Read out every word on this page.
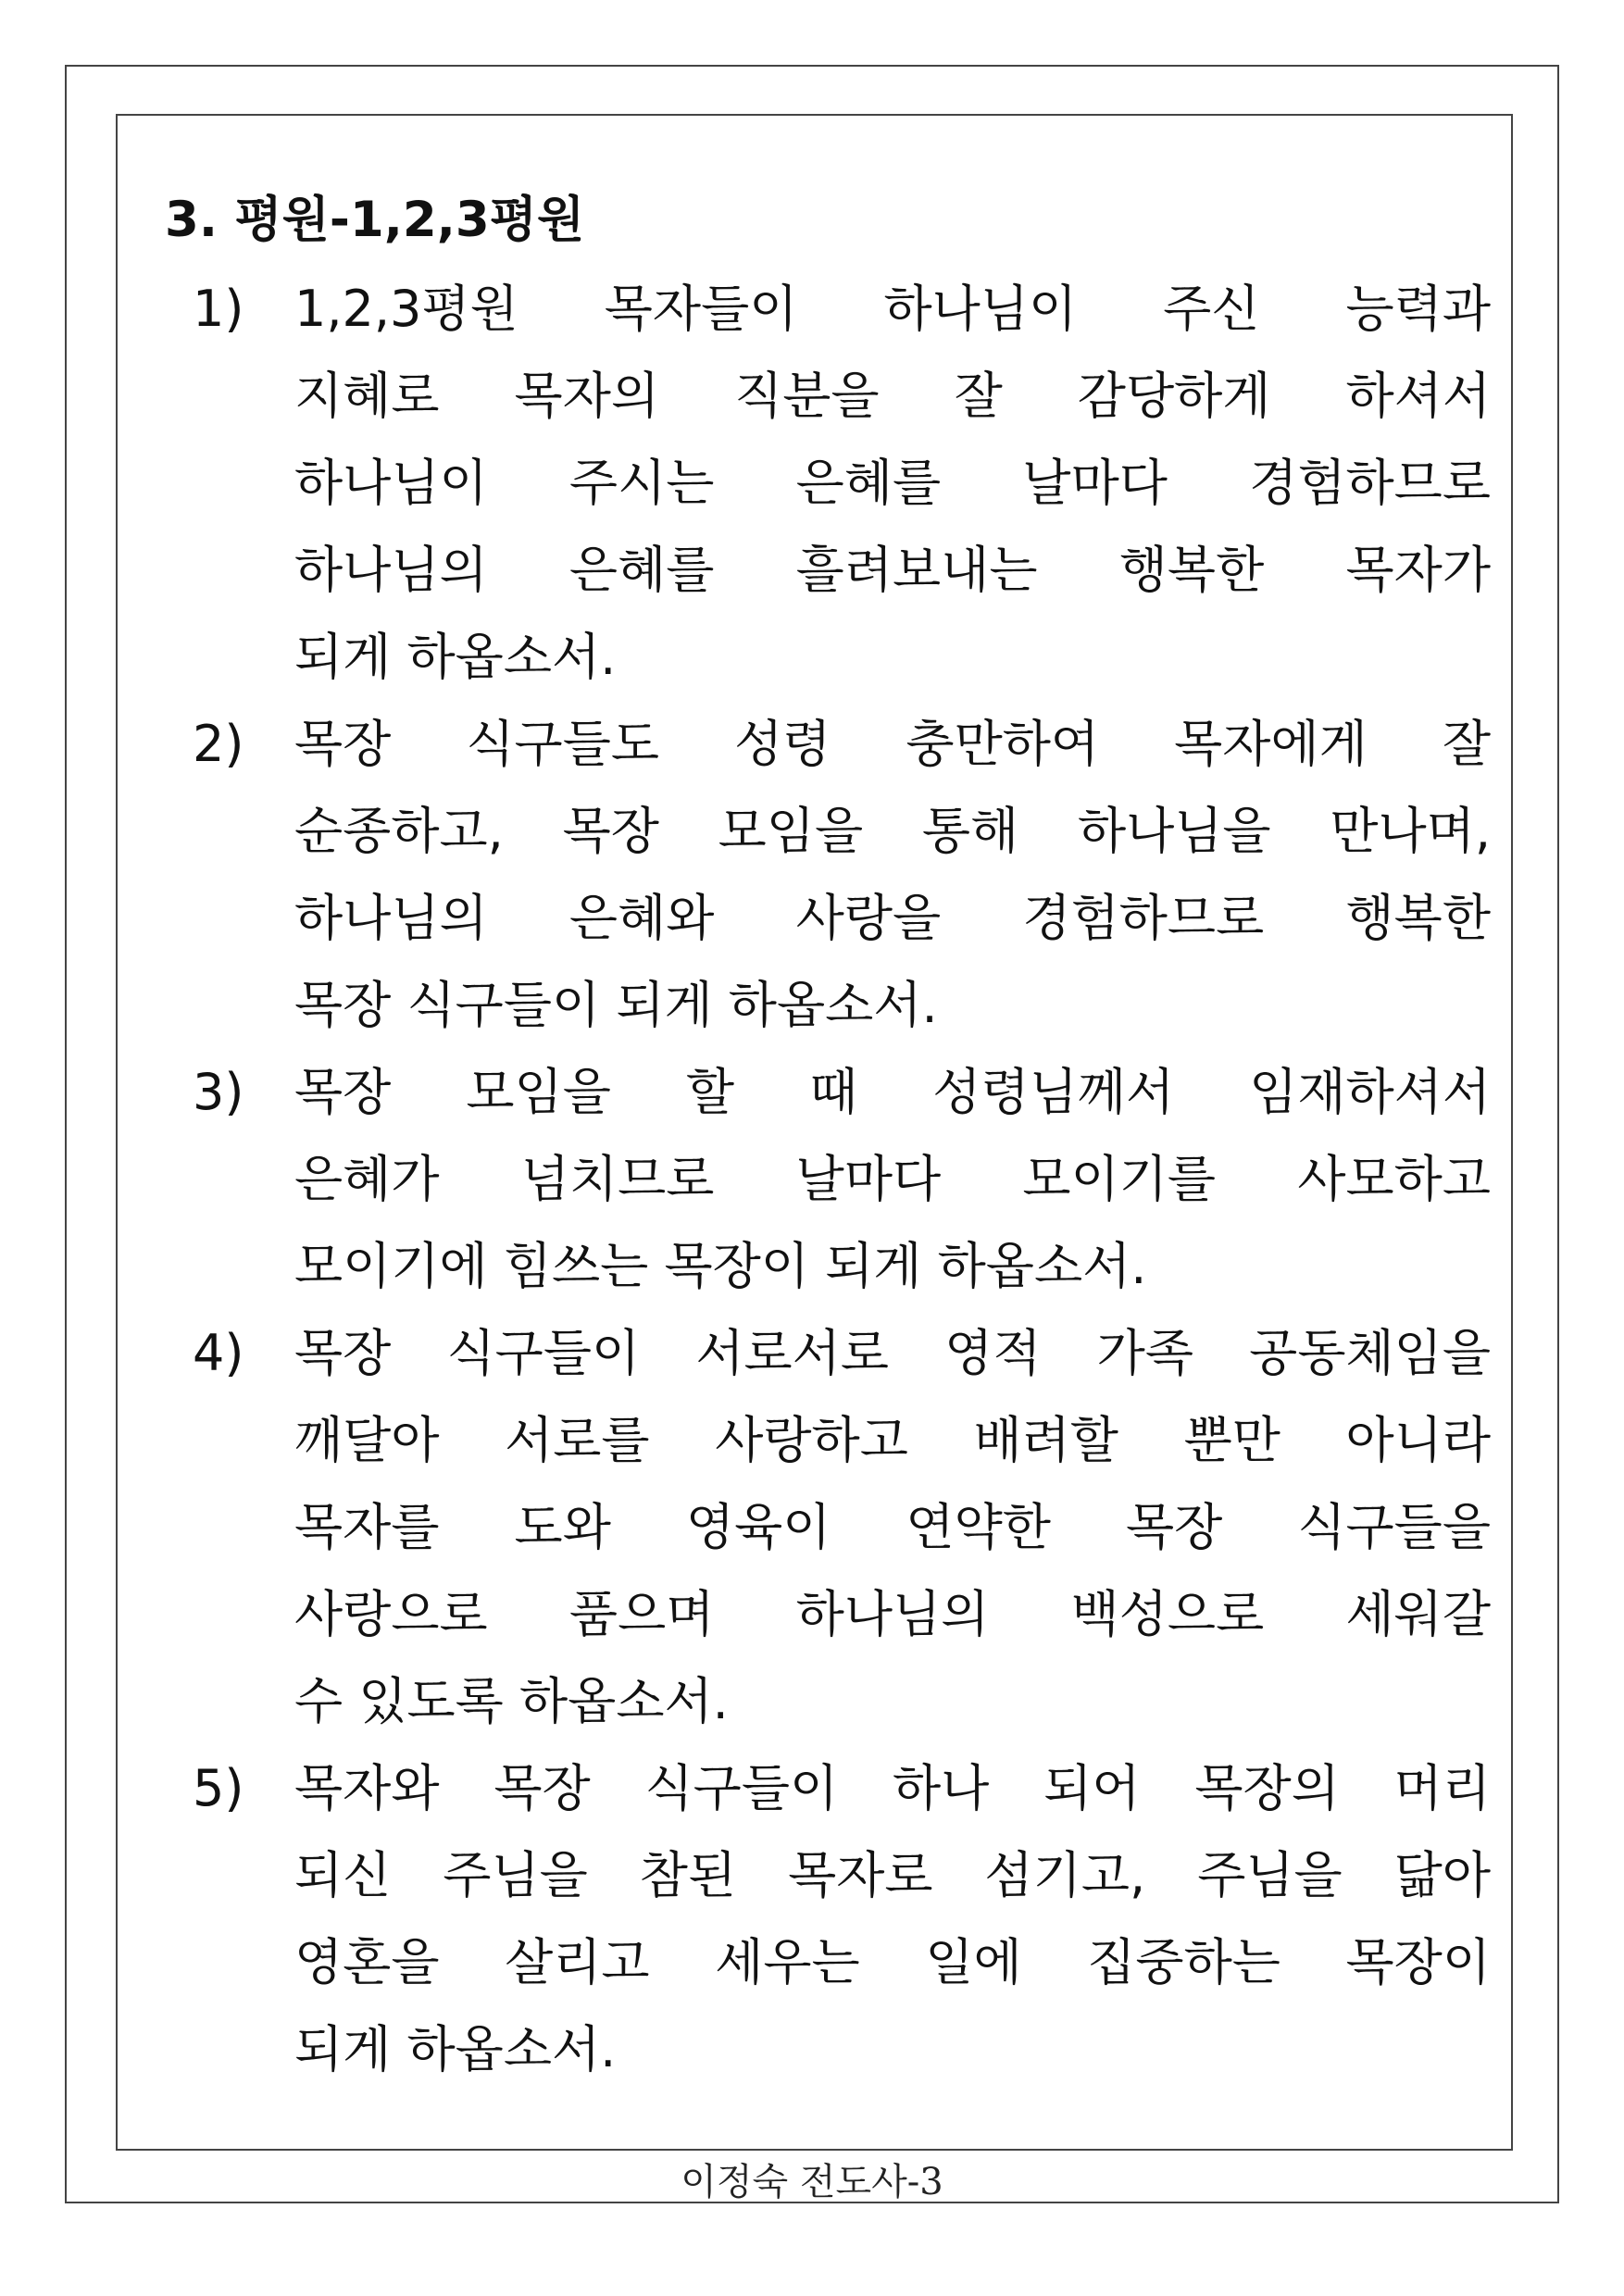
3. 평원-1,2,3평원
1) 1,2,3평원 목자들이 하나님이 주신 능력과
지혜로 목자의 직분을 잘 감당하게 하셔서
하나님이 주시는 은혜를 날마다 경험하므로
하나님의 은혜를 흘려보내는 행복한 목자가
되게 하옵소서.
2) 목장 식구들도 성령 충만하여 목자에게 잘
순종하고, 목장 모임을 통해 하나님을 만나며,
하나님의 은혜와 사랑을 경험하므로 행복한
목장 식구들이 되게 하옵소서.
3) 목장 모임을 할 때 성령님께서 임재하셔서
은혜가 넘치므로 날마다 모이기를 사모하고
모이기에 힘쓰는 목장이 되게 하옵소서.
4) 목장 식구들이 서로서로 영적 가족 공동체임을
깨달아 서로를 사랑하고 배려할 뿐만 아니라
목자를 도와 영육이 연약한 목장 식구들을
사랑으로 품으며 하나님의 백성으로 세워갈
수 있도록 하옵소서.
5) 목자와 목장 식구들이 하나 되어 목장의 머리
되신 주님을 참된 목자로 섬기고, 주님을 닮아
영혼을 살리고 세우는 일에 집중하는 목장이
되게 하옵소서.
이정숙 전도사-3
